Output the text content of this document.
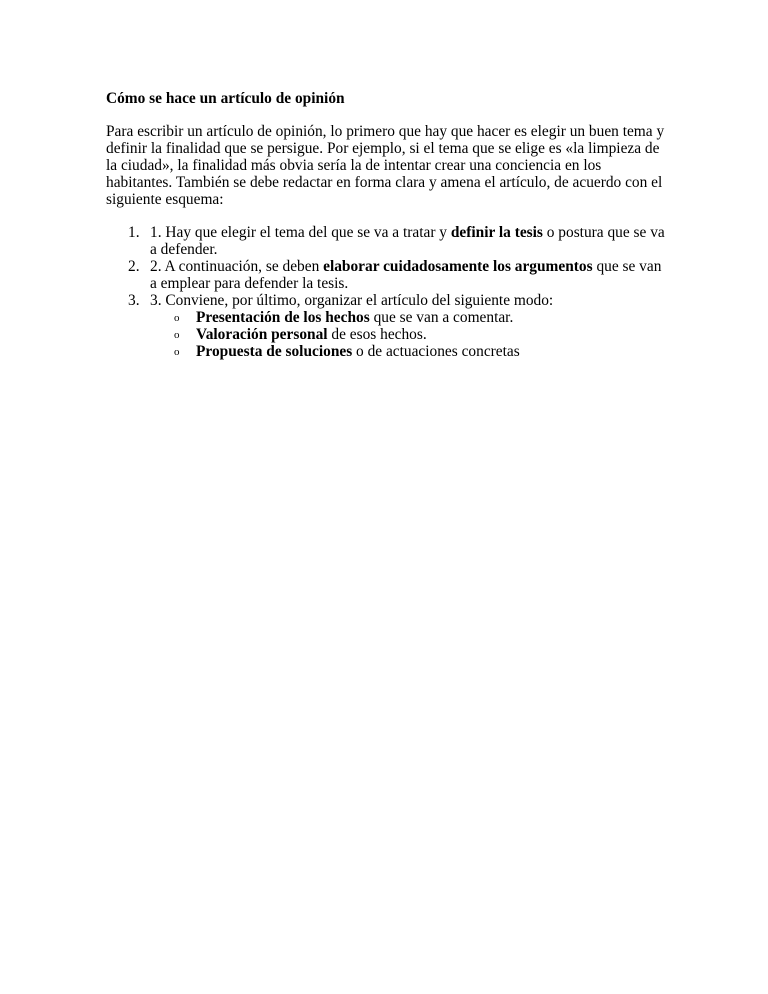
Cómo se hace un artículo de opinión
Para escribir un artículo de opinión, lo primero que hay que hacer es elegir un buen tema y definir la finalidad que se persigue. Por ejemplo, si el tema que se elige es «la limpieza de la ciudad», la finalidad más obvia sería la de intentar crear una conciencia en los habitantes. También se debe redactar en forma clara y amena el artículo, de acuerdo con el siguiente esquema:
1. 1. Hay que elegir el tema del que se va a tratar y definir la tesis o postura que se va a defender.
2. 2. A continuación, se deben elaborar cuidadosamente los argumentos que se van a emplear para defender la tesis.
3. 3. Conviene, por último, organizar el artículo del siguiente modo:
o Presentación de los hechos que se van a comentar.
o Valoración personal de esos hechos.
o Propuesta de soluciones o de actuaciones concretas
